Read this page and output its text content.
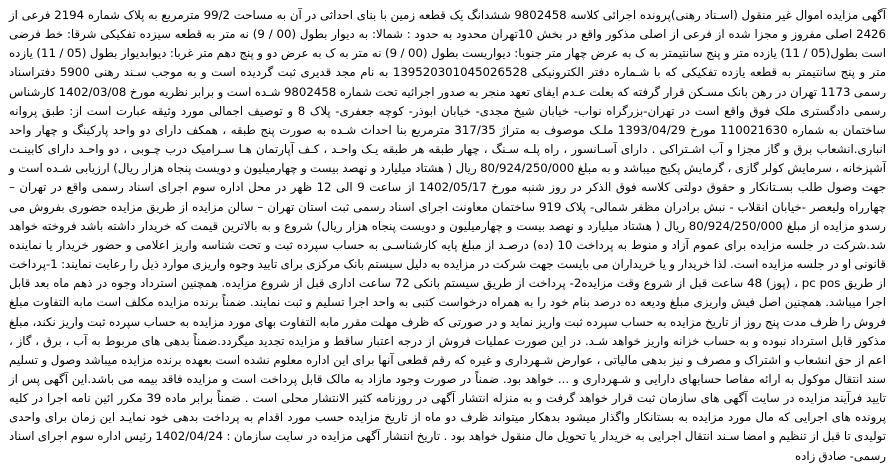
آگهی مزایده اموال غیر منقول (اسـناد رهنی)پرونده اجرائی کلاسه 9802458 ششدانگ یک قطعه زمین با بنای احداثی در آن به مساحت 99/2 مترمربع به پلاک شماره 2194 فرعی از 2426 اصلی مفروز و مجزا شده از فرعی از اصلی مذکور واقع در بخش 10تهران محدود به حدود : شمالا: به دیوار بطول (00 / 9) نه متر به قطعه سیزده تفکیکی شرقا: خط فرضی است بطول(05 / 11) یازده متر و پنج سانتیمتر به ک به عرض چهار متر جنوبا: دیواریست بطول (00 / 9) نه متر به ک به عرض دو و پنج دهم متر غربا: دیوابدیوار بطول (05 / 11) یازده متر و پنج سانتیمتر به قطعه یازده تفکیکی که با شـماره دفتر الکترونیکی 139520301045026528 به نام مجد قدیری ثبت گردیده است و به موجب سـند رهنی 5900 دفتراسناد رسمی 1173 تهران در رهن بانک مسـکن قرار گرفته که بعلت عـدم ایفای تعهد منجر به صدور اجرائیه تحت شماره 9802458 شـده است و برابر نظریه مورخ 1402/03/08 کارشناس رسمی دادگستری ملک فوق واقع است در تهران-بزرگراه نواب- خیابان شیخ مجدی- خیابان ابوذر- کوچه جعفری- پلاک 8 و توصیف اجمالی مورد وثیقه عبارت است از: طبق پروانه ساختمان به شماره 110021630 مورخ 1393/04/29 ملـک موصوف به متراژ 317/35 مترمربع بنا احداث شـده به صورت پنج طبقه ، همکف دارای دو واحد پارکینگ و چهار واحد انباری.انشعاب برق و گاز مجزا و آب اشـتراکی . دارای آسـانسور ، راه پلـه سـنگ ، چهار طبقه هر طبقه یـک واحـد ، کـف آپارتمان هـا سـرامیک درب چـوبی ، دو واحـد دارای کابینـت آشپزخانه ، سرمایش کولر گازی ، گرمایش پکیج میباشد و به مبلغ 80/924/250/000 ریال ( هشتاد میلیارد و نهصد بیست و چهارمیلیون و دویست پنجاه هزار ریال) ارزیابی شـده است و جهت وصول طلب بسـتانکار و حقوق دولتی کلاسه فوق الذکر در روز شنبه مورخ 1402/05/17 از ساعت 9 الی 12 ظهر در محل اداره سوم اجرای اسناد رسمی واقع در تهران – چهارراه ولیعصر -خیابان انقلاب - نبش برادران مظفر شمالی- پلاک 919 ساختمان معاونت اجرای اسناد رسمی ثبت استان تهران – سالن مزایده از طریق مزایده حضوری بفروش می رسدو مزایده از مبلغ 80/924/250/000 ریال ( هشتاد میلیارد و نهصد بیست و چهارمیلیون و دویست پنجاه هزار ریال) شروع و به بالاترین قیمت که خریدار داشته باشد فروخته خواهد شد.شرکت در جلسه مزایده برای عموم آزاد و منوط به پرداخت 10 (ده) درصـد از مبلغ پایه کارشناسـی به حساب سپرده ثبت و تحت شناسه واریز اعلامی و حضور خریدار یا نماینده قانونی او در جلسه مزایده است. لذا خریدار و یا خریداران می بایست جهت شرکت در مزایده به دلیل سیستم بانک مرکزی برای تایید وجوه واریزی موارد ذیل را رعایت نمایند: 1-پرداخت از طریق pc pos ، (پوز) 48 ساعت قبل از شروع وقت مزایده2- پرداخت از طریق سیستم بانکی 72 ساعت اداری قبل از شروع مزایده. همچنین استرداد وجوه در ذهم ماه بعد قابل اجرا میباشد. همچنین اصل فیش واریزی مبلغ ودیعه ده درصد بنام خود را به همراه درخواست کتبی به واحد اجرا تسلیم و ثبت نمایند. ضمناً برنده مزایده مکلف است مابه التفاوت مبلغ فروش را ظرف مدت پنج روز از تاریخ مزایده به حساب سپرده ثبت واریز نماید و در صورتی که ظرف مهلت مقرر مابه التفاوت بهای مورد مزایده به حساب سپرده ثبت واریز نکند، مبلغ مذکور قابل استرداد نبوده و به حساب خزانه واریز خواهد شـد. در این صورت عملیات فروش از درجه اعتبار ساقط و مزایده تجدید میگردد.ضمناً بدهی های مربوط به آب ، برق ، گاز ، اعم از حق انشعاب و اشتراک و مصرف و نیز بدهی مالیاتی ، عوارض شـهرداری و غیره که رقم قطعی آنها برای این اداره معلوم نشده است بعهده برنده مزایده میباشد وصول و تسلیم سند انتقال موکول به ارائه مفاصا حسابهای دارایی و شـهرداری و ... خواهد بود. ضمناً در صورت وجود مازاد به مالک قابل پرداخت است و مزایده فاقد بیمه می باشد.این آگهی پس از تایید فرآیند مزایده در سایت آگهی های سازمان ثبت قرار خواهد گرفت و به منزله انتشار آگهی در روزنامه کثیر الانتشار محلی است . ضمناً برابر ماده 39 مکرر ائین نامه اجرا در کلیه پرونده های اجرایی که مال مورد مزایده به بستانکار واگذار میشود بدهکار میتواند ظرف دو ماه از تاریخ مزایده حسب مورد اقدام به پرداخت بدهی خود نمایـد این زمان برای واحدی تولیدی تا قبل از تنظیم و امضا سـند انتقال اجرایی به خریدار یا تحویل مال منقول خواهد بود . تاریخ انتشار آگهی مزایده در سایت سازمان : 1402/04/24 رئیس اداره سوم اجرای اسناد رسمی- صادق زاده
